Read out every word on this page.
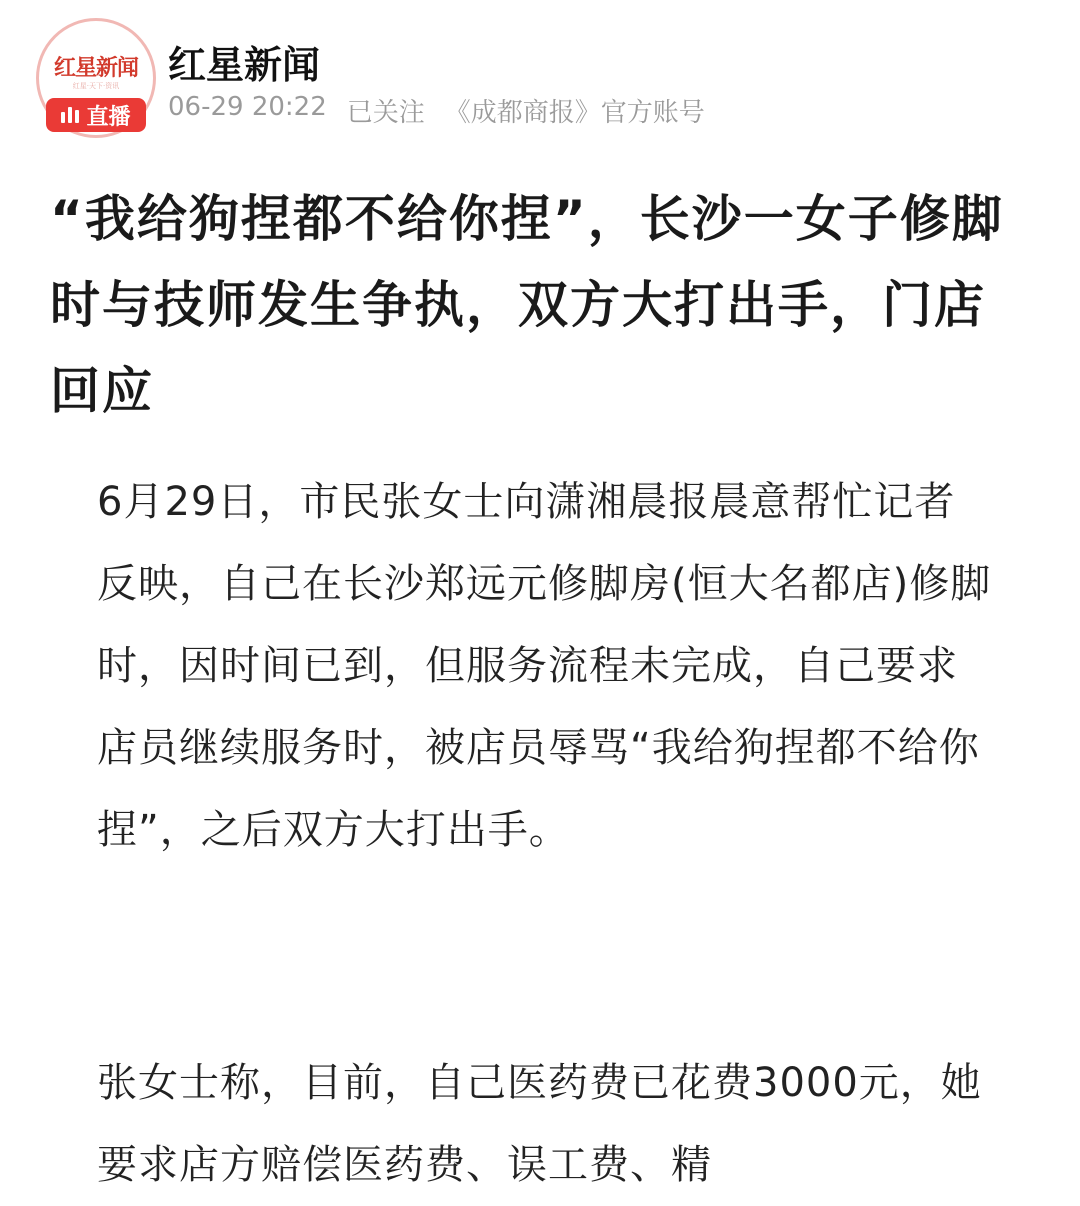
红星新闻
红星·天下·资讯
直播
红星新闻
06-29 20:22 已关注 《成都商报》官方账号
“我给狗捏都不给你捏”，长沙一女子修脚时与技师发生争执，双方大打出手，门店回应

6月29日，市民张女士向潇湘晨报晨意帮忙记者反映，自己在长沙郑远元修脚房(恒大名都店)修脚时，因时间已到，但服务流程未完成，自己要求店员继续服务时，被店员辱骂“我给狗捏都不给你捏”，之后双方大打出手。

张女士称，目前，自己医药费已花费3000元，她要求店方赔偿医药费、误工费、精
